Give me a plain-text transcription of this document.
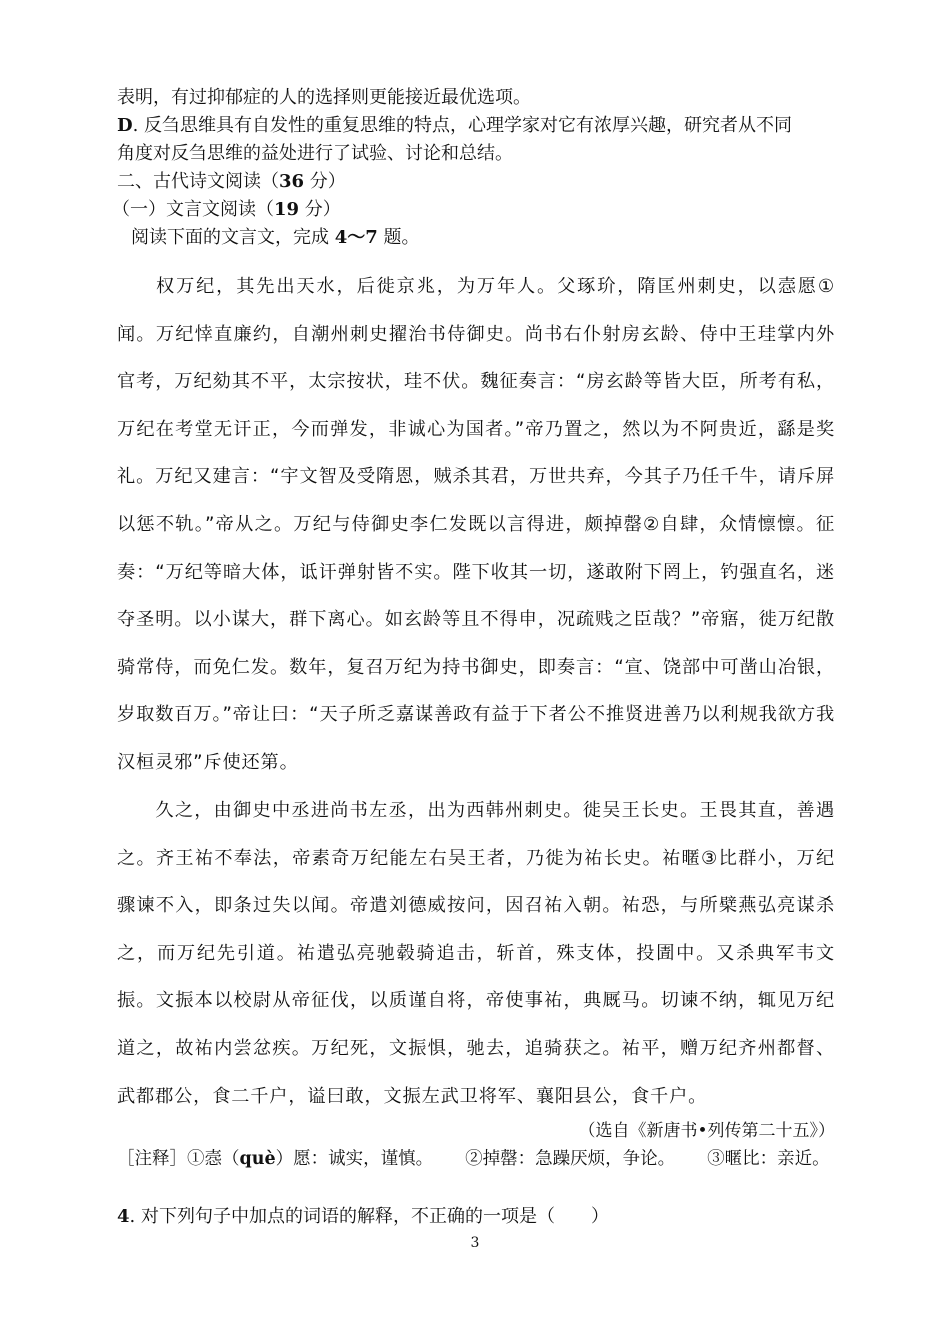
表明，有过抑郁症的人的选择则更能接近最优选项。
D. 反刍思维具有自发性的重复思维的特点，心理学家对它有浓厚兴趣，研究者从不同
角度对反刍思维的益处进行了试验、讨论和总结。
二、古代诗文阅读（36 分）
（一）文言文阅读（19 分）
阅读下面的文言文，完成 4～7 题。
权万纪，其先出天水，后徙京兆，为万年人。父琢玠，隋匡州刺史，以悫愿①闻。万纪悻直廉约，自潮州刺史擢治书侍御史。尚书右仆射房玄龄、侍中王珪掌内外官考，万纪劾其不平，太宗按状，珪不伏。魏征奏言：“房玄龄等皆大臣，所考有私，万纪在考堂无讦正，今而弹发，非诚心为国者。”帝乃置之，然以为不阿贵近，繇是奖礼。万纪又建言：“宇文智及受隋恩，贼杀其君，万世共弃，今其子乃任千牛，请斥屏以惩不轨。”帝从之。万纪与侍御史李仁发既以言得进，颇掉罄②自肆，众情懔懔。征奏：“万纪等暗大体，诋讦弹射皆不实。陛下收其一切，遂敢附下罔上，钓强直名，迷夺圣明。以小谋大，群下离心。如玄龄等且不得申，况疏贱之臣哉？”帝寤，徙万纪散骑常侍，而免仁发。数年，复召万纪为持书御史，即奏言：“宣、饶部中可凿山冶银，岁取数百万。”帝让曰：“天子所乏嘉谋善政有益于下者公不推贤进善乃以利规我欲方我汉桓灵邪”斥使还第。
久之，由御史中丞进尚书左丞，出为西韩州刺史。徙吴王长史。王畏其直，善遇之。齐王祐不奉法，帝素奇万纪能左右吴王者，乃徙为祐长史。祐暱③比群小，万纪骤谏不入，即条过失以闻。帝遣刘德威按问，因召祐入朝。祐恐，与所檗燕弘亮谋杀之，而万纪先引道。祐遣弘亮驰毂骑追击，斩首，殊支体，投圊中。又杀典军韦文振。文振本以校尉从帝征伐，以质谨自将，帝使事祐，典厩马。切谏不纳，辄见万纪道之，故祐内尝忿疾。万纪死，文振惧，驰去，追骑获之。祐平，赠万纪齐州都督、武都郡公，食二千户，谥曰敢，文振左武卫将军、襄阳县公，食千户。
（选自《新唐书•列传第二十五》）
［注释］①悫（què）愿：诚实，谨慎。 ②掉罄：急躁厌烦，争论。 ③暱比：亲近。
4. 对下列句子中加点的词语的解释，不正确的一项是（　　）
3
